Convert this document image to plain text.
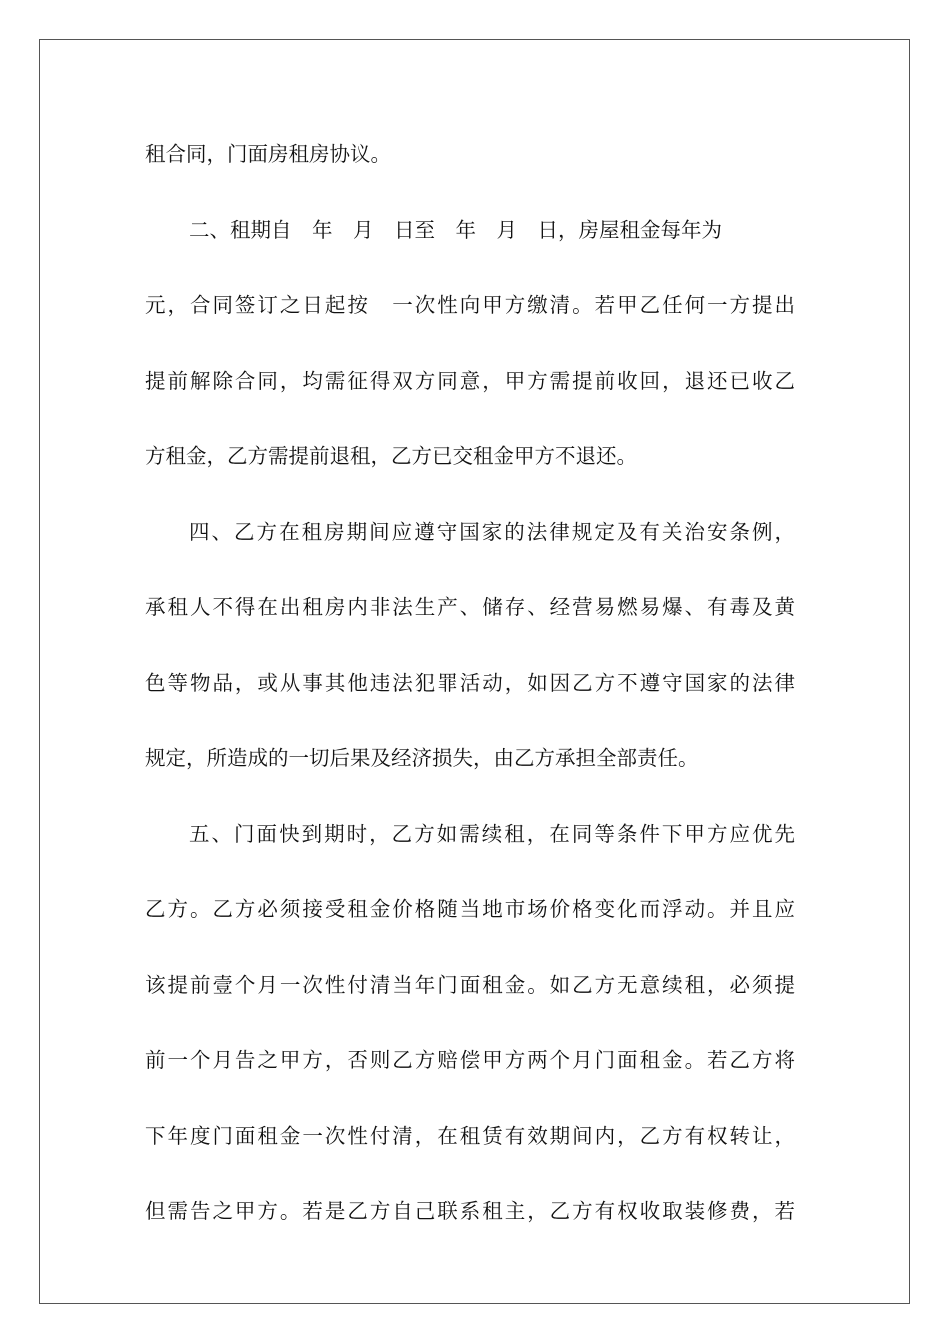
租合同，门面房租房协议。
二、租期自　年　月　日至　年　月　日，房屋租金每年为
元，合同签订之日起按　一次性向甲方缴清。若甲乙任何一方提出
提前解除合同，均需征得双方同意，甲方需提前收回，退还已收乙
方租金，乙方需提前退租，乙方已交租金甲方不退还。
四、乙方在租房期间应遵守国家的法律规定及有关治安条例，
承租人不得在出租房内非法生产、储存、经营易燃易爆、有毒及黄
色等物品，或从事其他违法犯罪活动，如因乙方不遵守国家的法律
规定，所造成的一切后果及经济损失，由乙方承担全部责任。
五、门面快到期时，乙方如需续租，在同等条件下甲方应优先
乙方。乙方必须接受租金价格随当地市场价格变化而浮动。并且应
该提前壹个月一次性付清当年门面租金。如乙方无意续租，必须提
前一个月告之甲方，否则乙方赔偿甲方两个月门面租金。若乙方将
下年度门面租金一次性付清，在租赁有效期间内，乙方有权转让，
但需告之甲方。若是乙方自己联系租主，乙方有权收取装修费，若
